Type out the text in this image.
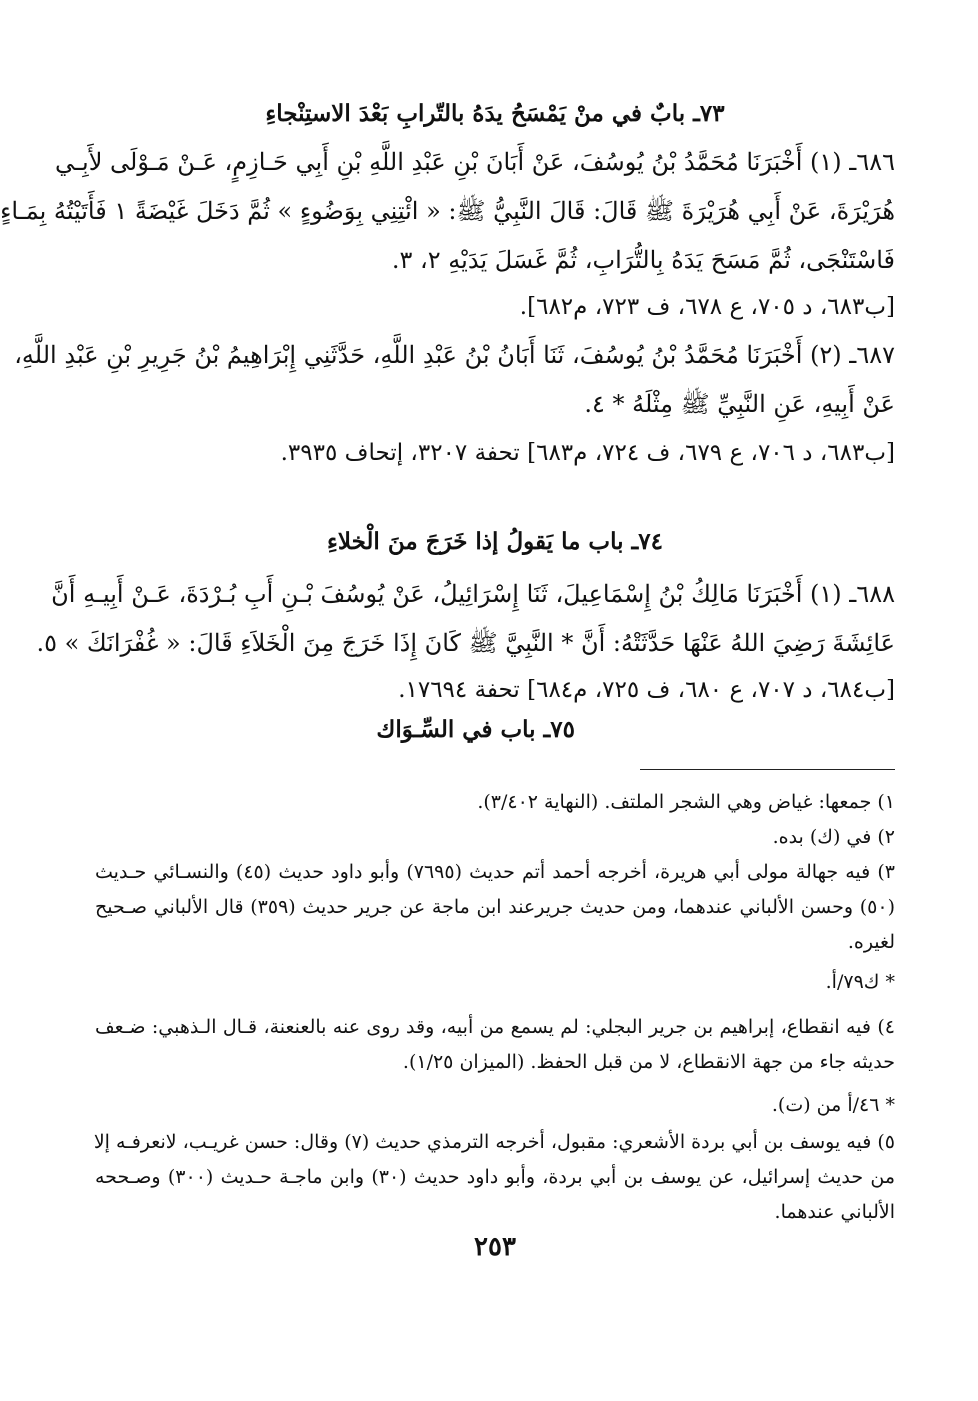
٧٣ـ بابٌ في منْ يَمْسَحُ يدَهُ بالتّرابِ بَعْدَ الاستِنْجاءِ
٦٨٦ـ (١) أَخْبَرَنَا مُحَمَّدُ بْنُ يُوسُفَ، عَنْ أَبَانَ بْنِ عَبْدِ اللَّهِ بْنِ أَبِي حَـازِمٍ، عَـنْ مَـوْلَى لأَبِـي
هُرَيْرَةَ، عَنْ أَبِي هُرَيْرَةَ ﷺ قَالَ: قَالَ النَّبِيُّ ﷺ: « ائْتِنِي بِوَضُوءٍ » ثُمَّ دَخَلَ غَيْضَةً ١ فَأَتَيْتُهُ بِمَـاءٍ
فَاسْتَنْجَى، ثُمَّ مَسَحَ يَدَهُ بِالتُّرَابِ، ثُمَّ غَسَلَ يَدَيْهِ ٢، ٣.
[ب٦٨٣، د ٧٠٥، ع ٦٧٨، ف ٧٢٣، م٦٨٢].
٦٨٧ـ (٢) أَخْبَرَنَا مُحَمَّدُ بْنُ يُوسُفَ، ثَنَا أَبَانُ بْنُ عَبْدِ اللَّهِ، حَدَّثَنِي إِبْرَاهِيمُ بْنُ جَرِيرِ بْنِ عَبْدِ اللَّهِ،
عَنْ أَبِيهِ، عَنِ النَّبِيِّ ﷺ مِثْلَهُ * ٤.
[ب٦٨٣، د ٧٠٦، ع ٦٧٩، ف ٧٢٤، م٦٨٣] تحفة ٣٢٠٧، إتحاف ٣٩٣٥.
٧٤ـ باب ما يَقولُ إذا خَرَجَ منَ الْخلاءِ
٦٨٨ـ (١) أَخْبَرَنَا مَالِكُ بْنُ إِسْمَاعِيلَ، ثَنَا إِسْرَائِيلُ، عَنْ يُوسُفَ بْـنِ أَبِ بُـرْدَةَ، عَـنْ أَبِيـهِ أَنَّ
عَائِشَةَ رَضِيَ اللهُ عَنْهَا حَدَّثَتْهُ: أَنَّ * النَّبِيَّ ﷺ كَانَ إِذَا خَرَجَ مِنَ الْخَلاَءِ قَالَ: « غُفْرَانَكَ » ٥.
[ب٦٨٤، د ٧٠٧، ع ٦٨٠، ف ٧٢٥، م٦٨٤] تحفة ١٧٦٩٤.
٧٥ـ باب في السِّـوَاك
١) جمعها: غياض وهي الشجر الملتف. (النهاية ٣/٤٠٢).
٢) في (ك) بده.
٣) فيه جهالة مولى أبي هريرة، أخرجه أحمد أتم حديث (٧٦٩٥) وأبو داود حديث (٤٥) والنسـائي حـديث
(٥٠) وحسن الألباني عندهما، ومن حديث جريرعند ابن ماجة عن جرير حديث (٣٥٩) قال الألباني صـحيح
لغيره.
* ك٧٩/أ.
٤) فيه انقطاع، إبراهيم بن جرير البجلي: لم يسمع من أبيه، وقد روى عنه بالعنعنة، قـال الـذهبي: ضـعف
حديثه جاء من جهة الانقطاع، لا من قبل الحفظ. (الميزان ١/٢٥).
* ٤٦/أ من (ت).
٥) فيه يوسف بن أبي بردة الأشعري: مقبول، أخرجه الترمذي حديث (٧) وقال: حسن غريـب، لانعرفـه إلا
من حديث إسرائيل، عن يوسف بن أبي بردة، وأبو داود حديث (٣٠) وابن ماجـة حـديث (٣٠٠) وصـححه
الألباني عندهما.
٢٥٣
